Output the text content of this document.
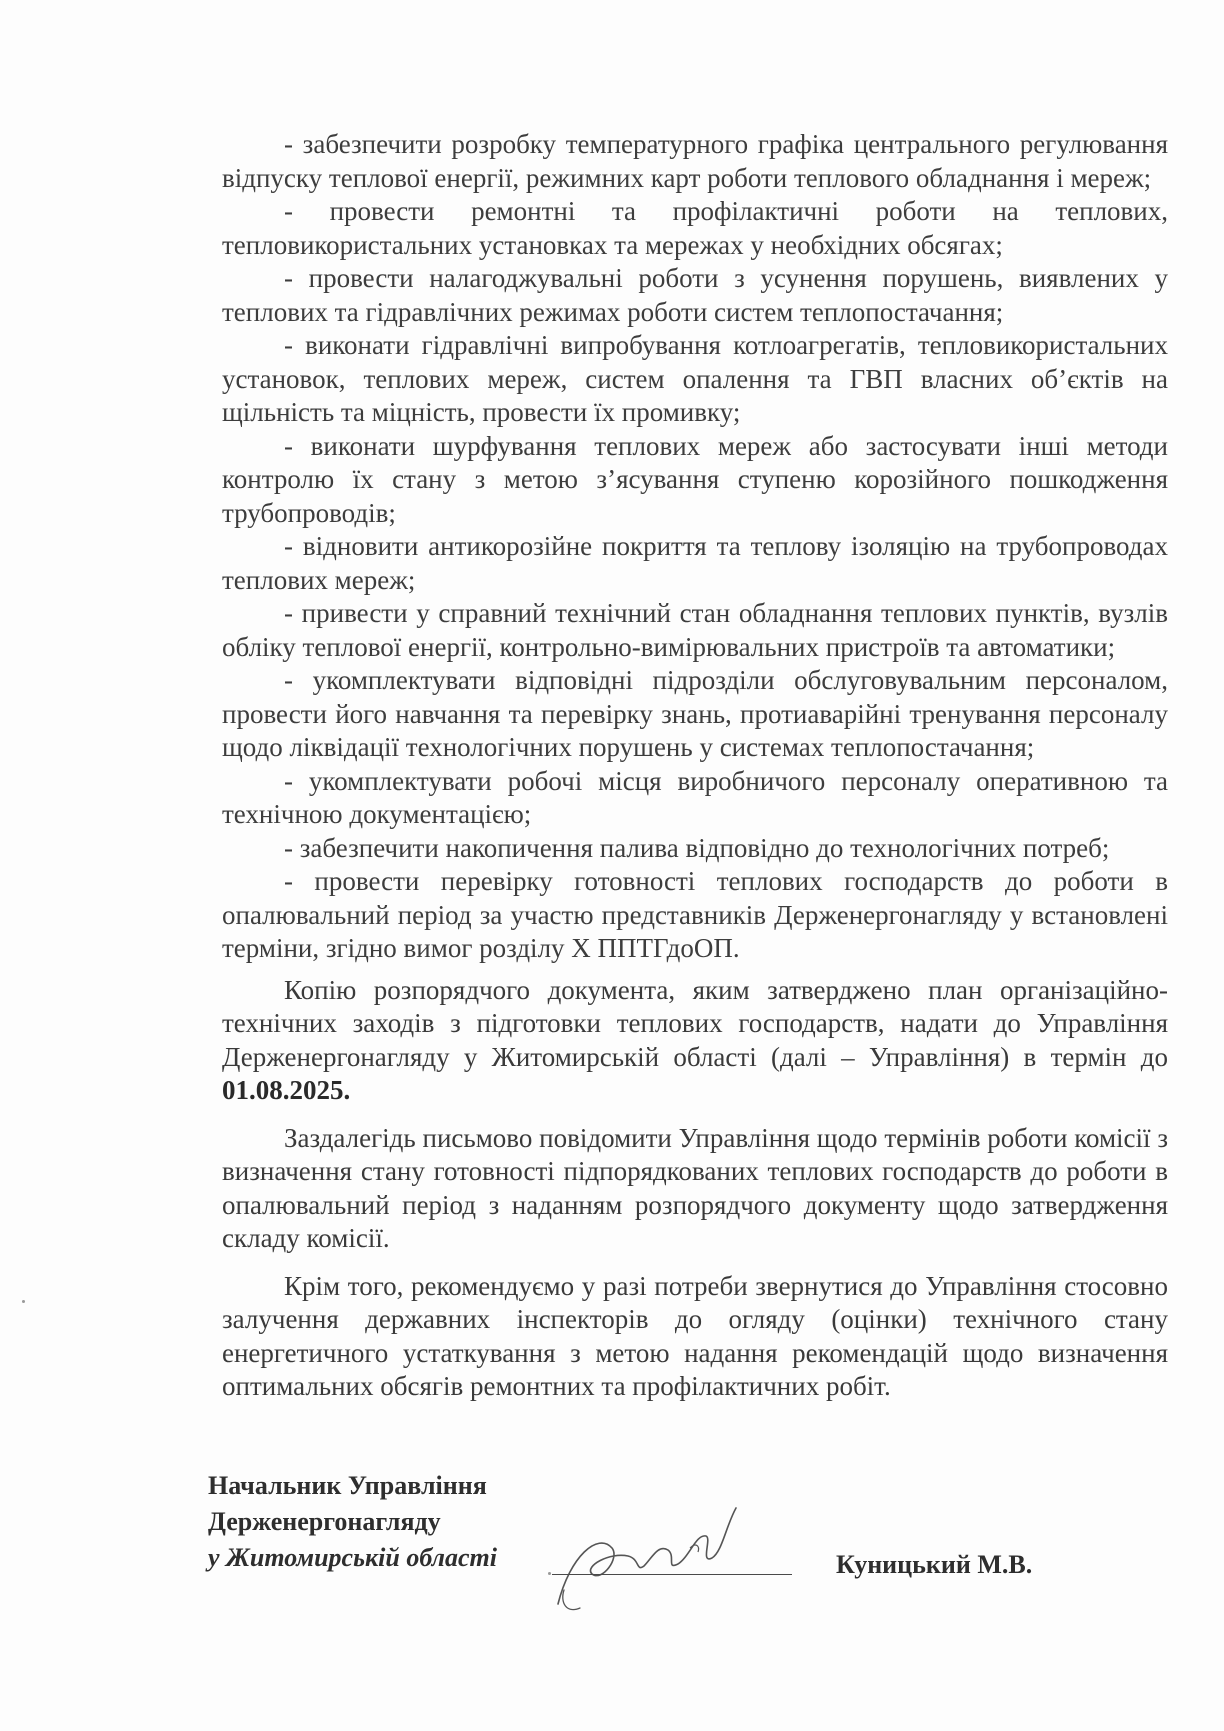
- забезпечити розробку температурного графіка центрального регулювання відпуску теплової енергії, режимних карт роботи теплового обладнання і мереж;

- провести ремонтні та профілактичні роботи на теплових, тепловикористальних установках та мережах у необхідних обсягах;

- провести налагоджувальні роботи з усунення порушень, виявлених у теплових та гідравлічних режимах роботи систем теплопостачання;

- виконати гідравлічні випробування котлоагрегатів, тепловикористальних установок, теплових мереж, систем опалення та ГВП власних об’єктів на щільність та міцність, провести їх промивку;

- виконати шурфування теплових мереж або застосувати інші методи контролю їх стану з метою з’ясування ступеню корозійного пошкодження трубопроводів;

- відновити антикорозійне покриття та теплову ізоляцію на трубопроводах теплових мереж;

- привести у справний технічний стан обладнання теплових пунктів, вузлів обліку теплової енергії, контрольно-вимірювальних пристроїв та автоматики;

- укомплектувати відповідні підрозділи обслуговувальним персоналом, провести його навчання та перевірку знань, протиаварійні тренування персоналу щодо ліквідації технологічних порушень у системах теплопостачання;

- укомплектувати робочі місця виробничого персоналу оперативною та технічною документацією;

- забезпечити накопичення палива відповідно до технологічних потреб;

- провести перевірку готовності теплових господарств до роботи в опалювальний період за участю представників Держенергонагляду у встановлені терміни, згідно вимог розділу X ППТГдоОП.

Копію розпорядчого документа, яким затверджено план організаційно-технічних заходів з підготовки теплових господарств, надати до Управління Держенергонагляду у Житомирській області (далі – Управління) в термін до 01.08.2025.

Заздалегідь письмово повідомити Управління щодо термінів роботи комісії з визначення стану готовності підпорядкованих теплових господарств до роботи в опалювальний період з наданням розпорядчого документу щодо затвердження складу комісії.

Крім того, рекомендуємо у разі потреби звернутися до Управління стосовно залучення державних інспекторів до огляду (оцінки) технічного стану енергетичного устаткування з метою надання рекомендацій щодо визначення оптимальних обсягів ремонтних та профілактичних робіт.

Начальник Управління
Держенергонагляду
у Житомирській області	Куницький М.В.
